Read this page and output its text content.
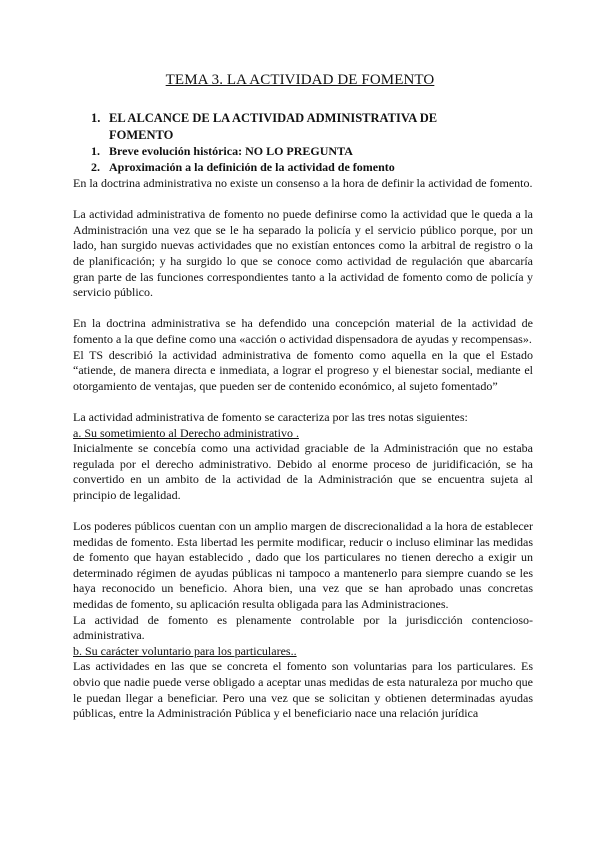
TEMA 3. LA ACTIVIDAD DE FOMENTO
1. EL ALCANCE DE LA ACTIVIDAD ADMINISTRATIVA DE FOMENTO
1. Breve evolución histórica: NO LO PREGUNTA
2. Aproximación a la definición de la actividad de fomento

En la doctrina administrativa no existe un consenso a la hora de definir la actividad de fomento.

La actividad administrativa de fomento no puede definirse como la actividad que le queda a la Administración una vez que se le ha separado la policía y el servicio público porque, por un lado, han surgido nuevas actividades que no existían entonces como la arbitral de registro o la de planificación; y ha surgido lo que se conoce como actividad de regulación que abarcaría gran parte de las funciones correspondientes tanto a la actividad de fomento como de policía y servicio público.

En la doctrina administrativa se ha defendido una concepción material de la actividad de fomento a la que define como una «acción o actividad dispensadora de ayudas y recompensas».

El TS describió la actividad administrativa de fomento como aquella en la que el Estado “atiende, de manera directa e inmediata, a lograr el progreso y el bienestar social, mediante el otorgamiento de ventajas, que pueden ser de contenido económico, al sujeto fomentado”

La actividad administrativa de fomento se caracteriza por las tres notas siguientes:

a. Su sometimiento al Derecho administrativo .

Inicialmente se concebía como una actividad graciable de la Administración que no estaba regulada por el derecho administrativo. Debido al enorme proceso de juridificación, se ha convertido en un ambito de la actividad de la Administración que se encuentra sujeta al principio de legalidad.

Los poderes públicos cuentan con un amplio margen de discrecionalidad a la hora de establecer medidas de fomento. Esta libertad les permite modificar, reducir o incluso eliminar las medidas de fomento que hayan establecido , dado que los particulares no tienen derecho a exigir un determinado régimen de ayudas públicas ni tampoco a mantenerlo para siempre cuando se les haya reconocido un beneficio. Ahora bien, una vez que se han aprobado unas concretas medidas de fomento, su aplicación resulta obligada para las Administraciones.

La actividad de fomento es plenamente controlable por la jurisdicción contencioso-administrativa.

b. Su carácter voluntario para los particulares..

Las actividades en las que se concreta el fomento son voluntarias para los particulares. Es obvio que nadie puede verse obligado a aceptar unas medidas de esta naturaleza por mucho que le puedan llegar a beneficiar. Pero una vez que se solicitan y obtienen determinadas ayudas públicas, entre la Administración Pública y el beneficiario nace una relación jurídica
